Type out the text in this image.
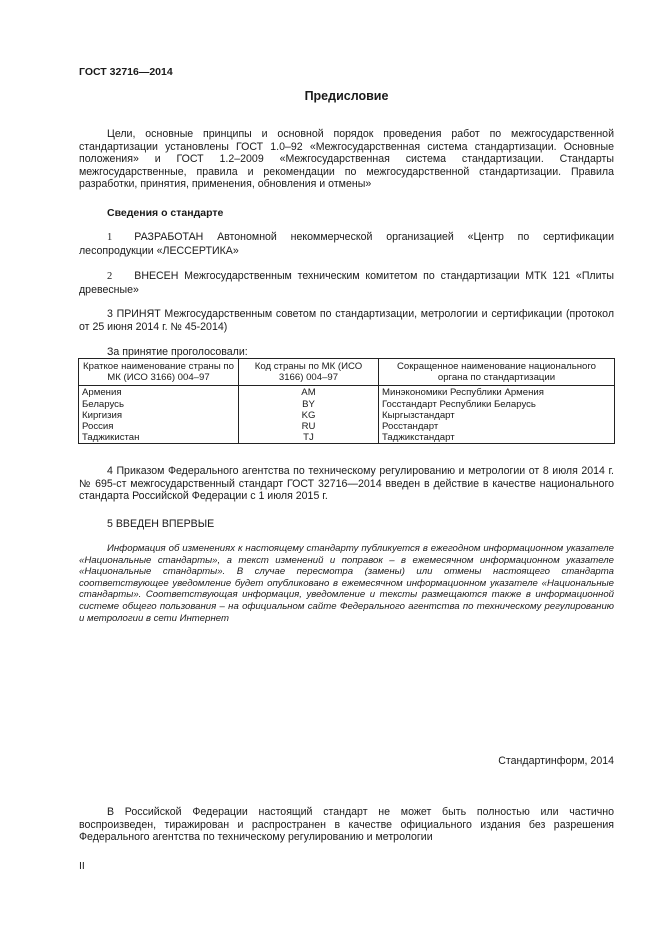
ГОСТ 32716—2014
Предисловие
Цели, основные принципы и основной порядок проведения работ по межгосударственной стандартизации установлены ГОСТ 1.0–92 «Межгосударственная система стандартизации. Основные положения» и ГОСТ 1.2–2009 «Межгосударственная система стандартизации. Стандарты межгосударственные, правила и рекомендации по межгосударственной стандартизации. Правила разработки, принятия, применения, обновления и отмены»
Сведения о стандарте
1 РАЗРАБОТАН Автономной некоммерческой организацией «Центр по сертификации лесопродукции «ЛЕССЕРТИКА»
2 ВНЕСЕН Межгосударственным техническим комитетом по стандартизации МТК 121 «Плиты древесные»
3 ПРИНЯТ Межгосударственным советом по стандартизации, метрологии и сертификации (протокол от 25 июня 2014 г. № 45-2014)
За принятие проголосовали:
Краткое наименование страны по МК (ИСО 3166) 004–97	Код страны по МК (ИСО 3166) 004–97	Сокращенное наименование национального органа по стандартизации
Армения	AM	Минэкономики Республики Армения
Беларусь	BY	Госстандарт Республики Беларусь
Киргизия	KG	Кыргызстандарт
Россия	RU	Росстандарт
Таджикистан	TJ	Таджикстандарт
4 Приказом Федерального агентства по техническому регулированию и метрологии от 8 июля 2014 г. № 695-ст межгосударственный стандарт ГОСТ 32716—2014 введен в действие в качестве национального стандарта Российской Федерации с 1 июля 2015 г.
5 ВВЕДЕН ВПЕРВЫЕ
Информация об изменениях к настоящему стандарту публикуется в ежегодном информационном указателе «Национальные стандарты», а текст изменений и поправок – в ежемесячном информационном указателе «Национальные стандарты». В случае пересмотра (замены) или отмены настоящего стандарта соответствующее уведомление будет опубликовано в ежемесячном информационном указателе «Национальные стандарты». Соответствующая информация, уведомление и тексты размещаются также в информационной системе общего пользования – на официальном сайте Федерального агентства по техническому регулированию и метрологии в сети Интернет
Стандартинформ, 2014
В Российской Федерации настоящий стандарт не может быть полностью или частично воспроизведен, тиражирован и распространен в качестве официального издания без разрешения Федерального агентства по техническому регулированию и метрологии
II
